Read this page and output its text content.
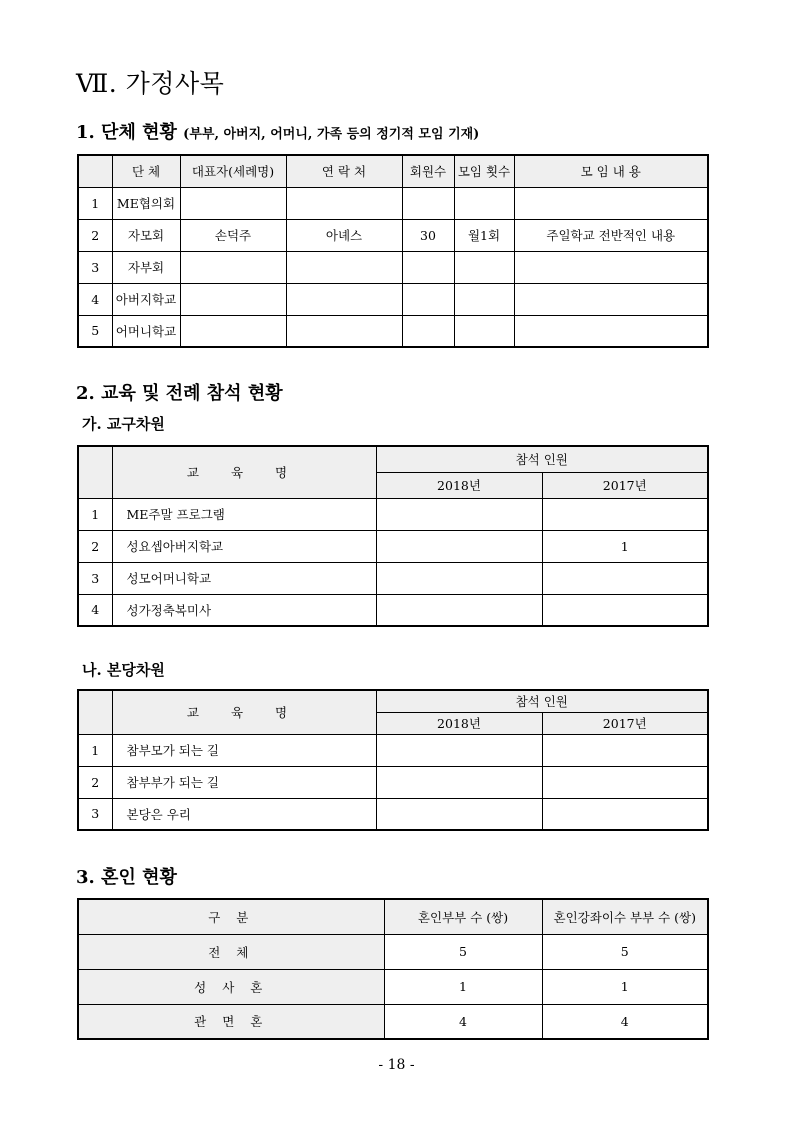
Ⅶ. 가정사목
1. 단체 현황 (부부, 아버지, 어머니, 가족 등의 정기적 모임 기재)
	단 체	대표자(세례명)	연 락 처	회원수	모임 횟수	모 임 내 용
1	ME협의회					
2	자모회	손덕주	아녜스	30	월1회	주일학교 전반적인 내용
3	자부회					
4	아버지학교					
5	어머니학교					
2. 교육 및 전례 참석 현황
가. 교구차원
	교 육 명	참석 인원	
		2018년	2017년
1	ME주말 프로그램		
2	성요셉아버지학교		1
3	성모어머니학교		
4	성가정축복미사		
나. 본당차원
	교 육 명	참석 인원	
		2018년	2017년
1	참부모가 되는 길		
2	참부부가 되는 길		
3	본당은 우리		
3. 혼인 현황
구 분	혼인부부 수 (쌍)	혼인강좌이수 부부 수 (쌍)
전 체	5	5
성 사 혼	1	1
관 면 혼	4	4
- 18 -
